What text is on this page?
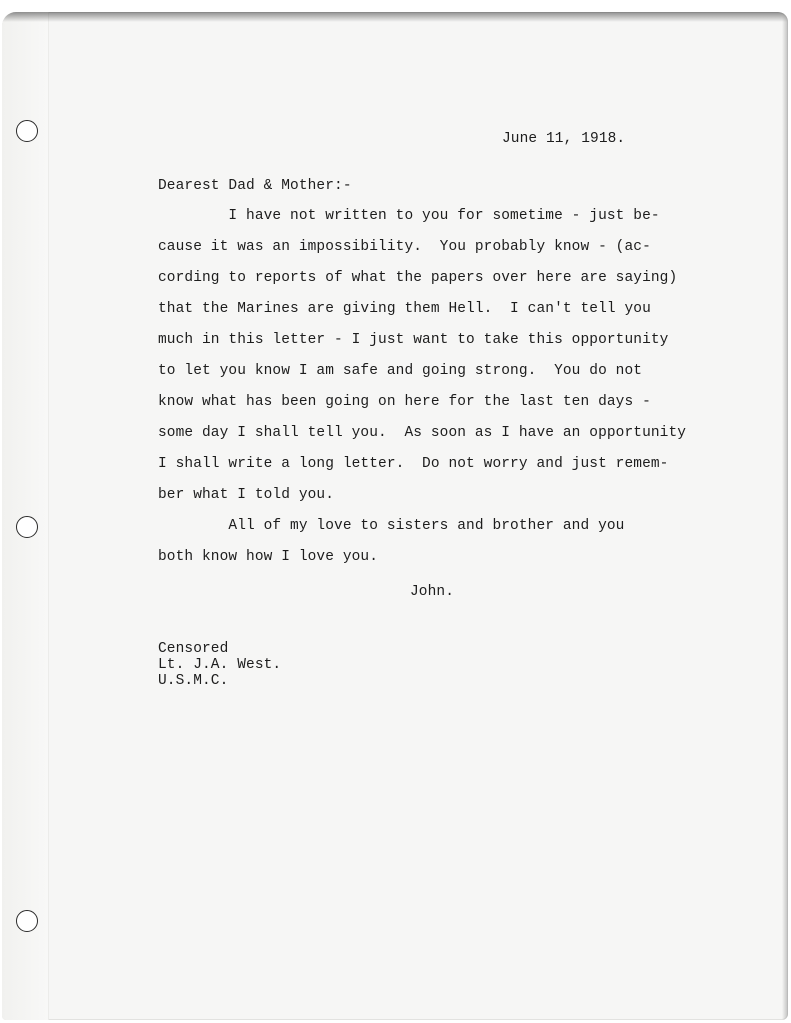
June 11, 1918.
Dearest Dad & Mother:-
I have not written to you for sometime - just be-
cause it was an impossibility.  You probably know - (ac-
cording to reports of what the papers over here are saying)
that the Marines are giving them Hell.  I can't tell you
much in this letter - I just want to take this opportunity
to let you know I am safe and going strong.  You do not
know what has been going on here for the last ten days -
some day I shall tell you.  As soon as I have an opportunity
I shall write a long letter.  Do not worry and just remem-
ber what I told you.
All of my love to sisters and brother and you
both know how I love you.
John.
Censored
Lt. J.A. West.
U.S.M.C.
